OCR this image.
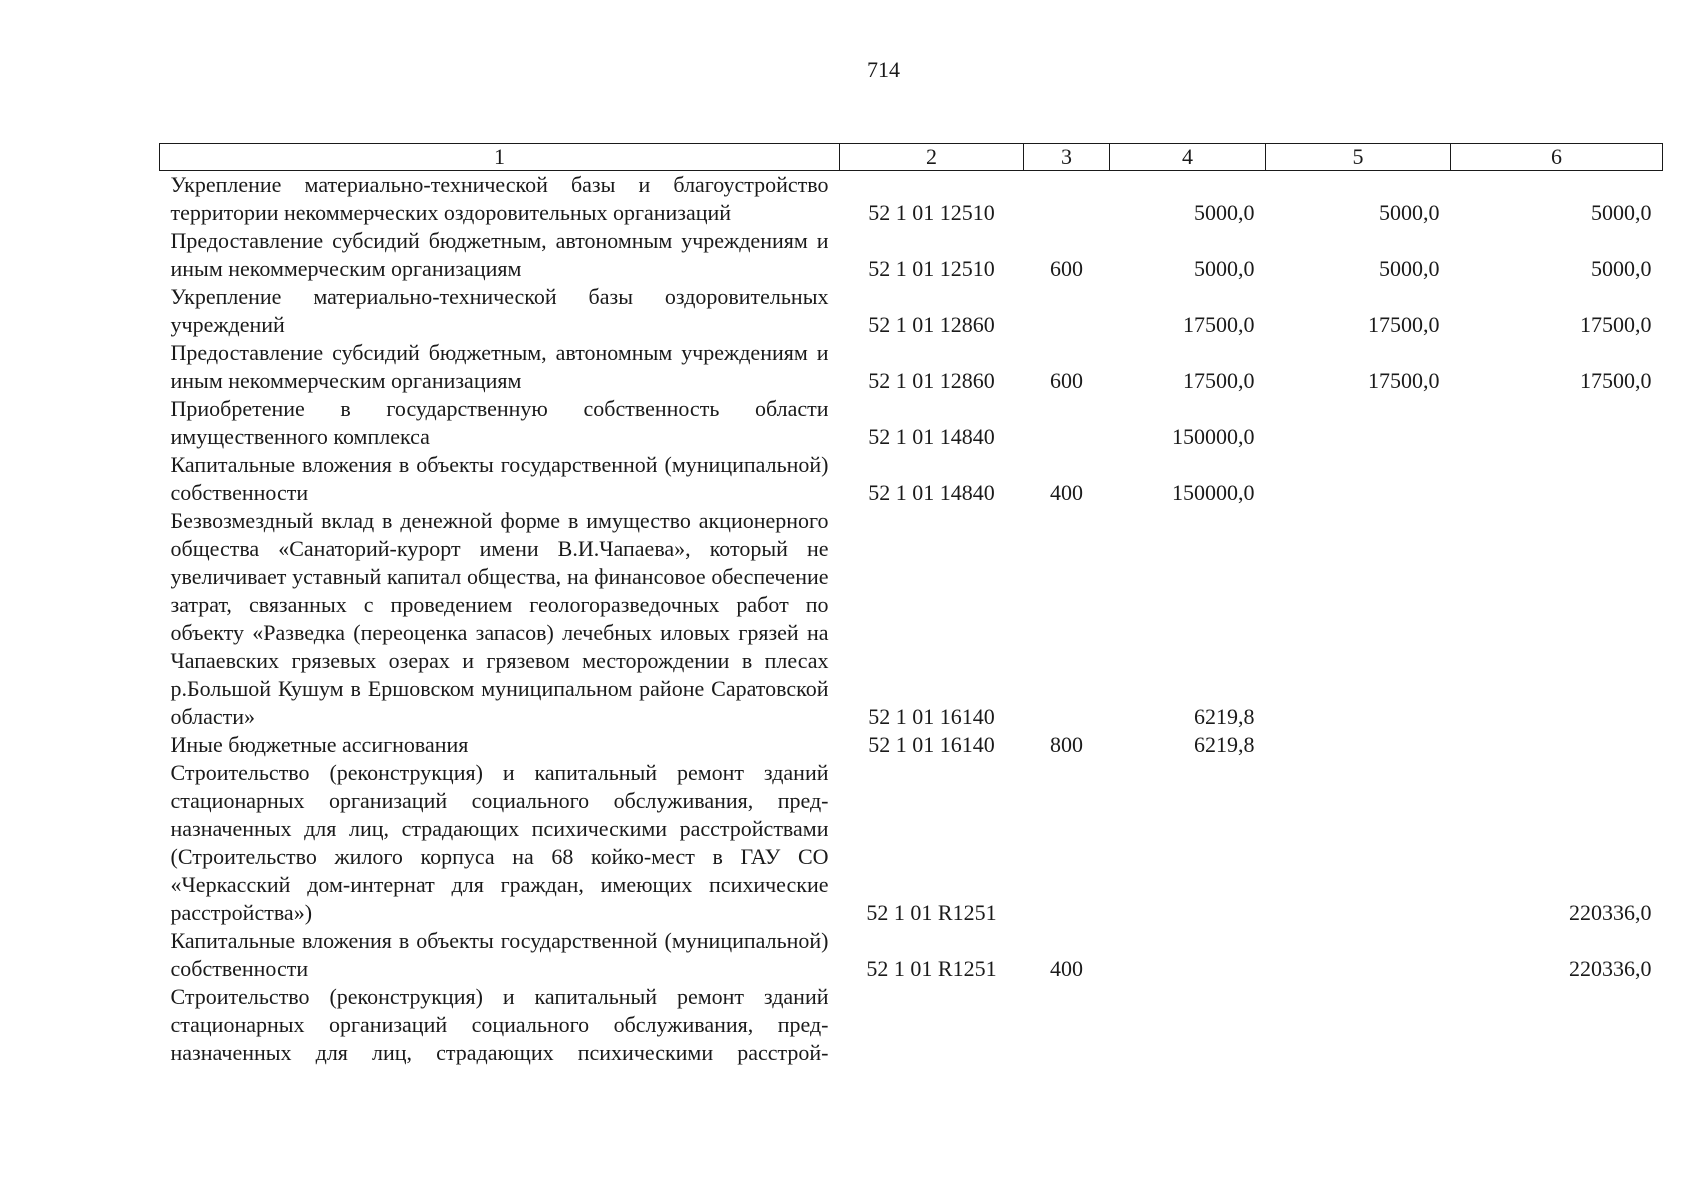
714
1	2	3	4	5	6
Укрепление материально-технической базы и благоустройство территории некоммерческих оздоровительных организаций	52 1 01 12510		5000,0	5000,0	5000,0
Предоставление субсидий бюджетным, автономным учреждениям и иным некоммерческим организациям	52 1 01 12510	600	5000,0	5000,0	5000,0
Укрепление материально-технической базы оздоровительных учреждений	52 1 01 12860		17500,0	17500,0	17500,0
Предоставление субсидий бюджетным, автономным учреждениям и иным некоммерческим организациям	52 1 01 12860	600	17500,0	17500,0	17500,0
Приобретение в государственную собственность области имущественного комплекса	52 1 01 14840		150000,0		
Капитальные вложения в объекты государственной (муниципальной) собственности	52 1 01 14840	400	150000,0		
Безвозмездный вклад в денежной форме в имущество акционерного общества «Санаторий-курорт имени В.И.Чапаева», который не увеличивает уставный капитал общества, на финансовое обеспечение затрат, связанных с проведением геологоразведочных работ по объекту «Разведка (переоценка запасов) лечебных иловых грязей на Чапаевских грязевых озерах и грязевом месторождении в плесах р.Большой Кушум в Ершовском муниципальном районе Саратовской области»	52 1 01 16140		6219,8		
Иные бюджетные ассигнования	52 1 01 16140	800	6219,8		
Строительство (реконструкция) и капитальный ремонт зданий стационарных организаций социального обслуживания, предназначенных для лиц, страдающих психическими расстройствами (Строительство жилого корпуса на 68 койко-мест в ГАУ СО «Черкасский дом-интернат для граждан, имеющих психические расстройства»)	52 1 01 R1251				220336,0
Капитальные вложения в объекты государственной (муниципальной) собственности	52 1 01 R1251	400			220336,0
Строительство (реконструкция) и капитальный ремонт зданий стационарных организаций социального обслуживания, предназначенных для лиц, страдающих психическими расстрой-					
